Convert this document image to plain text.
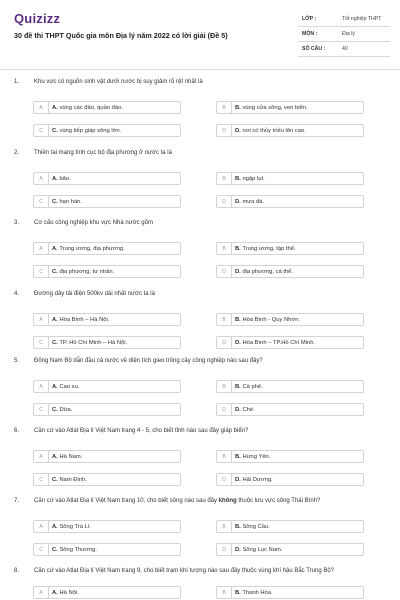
Quizizz
30 đề thi THPT Quốc gia môn Địa lý năm 2022 có lời giải (Đề 5)
LỚP :	Tốt nghiệp THPT
MÔN :	Địa lý
SỐ CÂU :	40
1. Khu vực có nguồn sinh vật dưới nước bị suy giảm rõ rệt nhất là
A	A. vùng các đảo, quần đảo.	B	B. vùng cửa sông, ven biển.
C	C. vùng tiếp giáp sông lớn.	D	D. nơi có thủy triều lên cao.
2. Thiên tai mang tính cục bộ địa phương ở nước ta là
A	A. bão.	B	B. ngập lụt.
C	C. hạn hán.	D	D. mưa đá.
3. Cơ cấu công nghiệp khu vực Nhà nước gồm
A	A. Trung ương, địa phương.	B	B. Trung ương, tập thể.
C	C. địa phương, tư nhân.	D	D. địa phương, cá thể.
4. Đường dây tải điện 500kv dài nhất nước ta là
A	A. Hòa Bình – Hà Nội.	B	B. Hòa Bình - Quy Nhơn.
C	C. TP. Hồ Chí Minh – Hà Nội.	D	D. Hòa Bình – TP.Hồ Chí Minh.
5. Đông Nam Bộ dẫn đầu cả nước về diện tích gieo trồng cây công nghiệp nào sau đây?
A	A. Cao su.	B	B. Cà phê.
C	C. Dừa.	D	D. Chè.
6. Căn cứ vào Atlat Địa lí Việt Nam trang 4 - 5, cho biết tỉnh nào sau đây giáp biển?
A	A. Hà Nam.	B	B. Hưng Yên.
C	C. Nam Định.	D	D. Hải Dương.
7. Căn cứ vào Atlat Địa lí Việt Nam trang 10, cho biết sông nào sau đây không thuộc lưu vực sông Thái Bình?
A	A. Sông Trà Lí.	B	B. Sông Cầu.
C	C. Sông Thương.	D	D. Sông Lục Nam.
8. Căn cứ vào Atlat Địa lí Việt Nam trang 9, cho biết trạm khí tượng nào sau đây thuộc vùng khí hậu Bắc Trung Bộ?
A	A. Hà Nội.	B	B. Thanh Hóa.
